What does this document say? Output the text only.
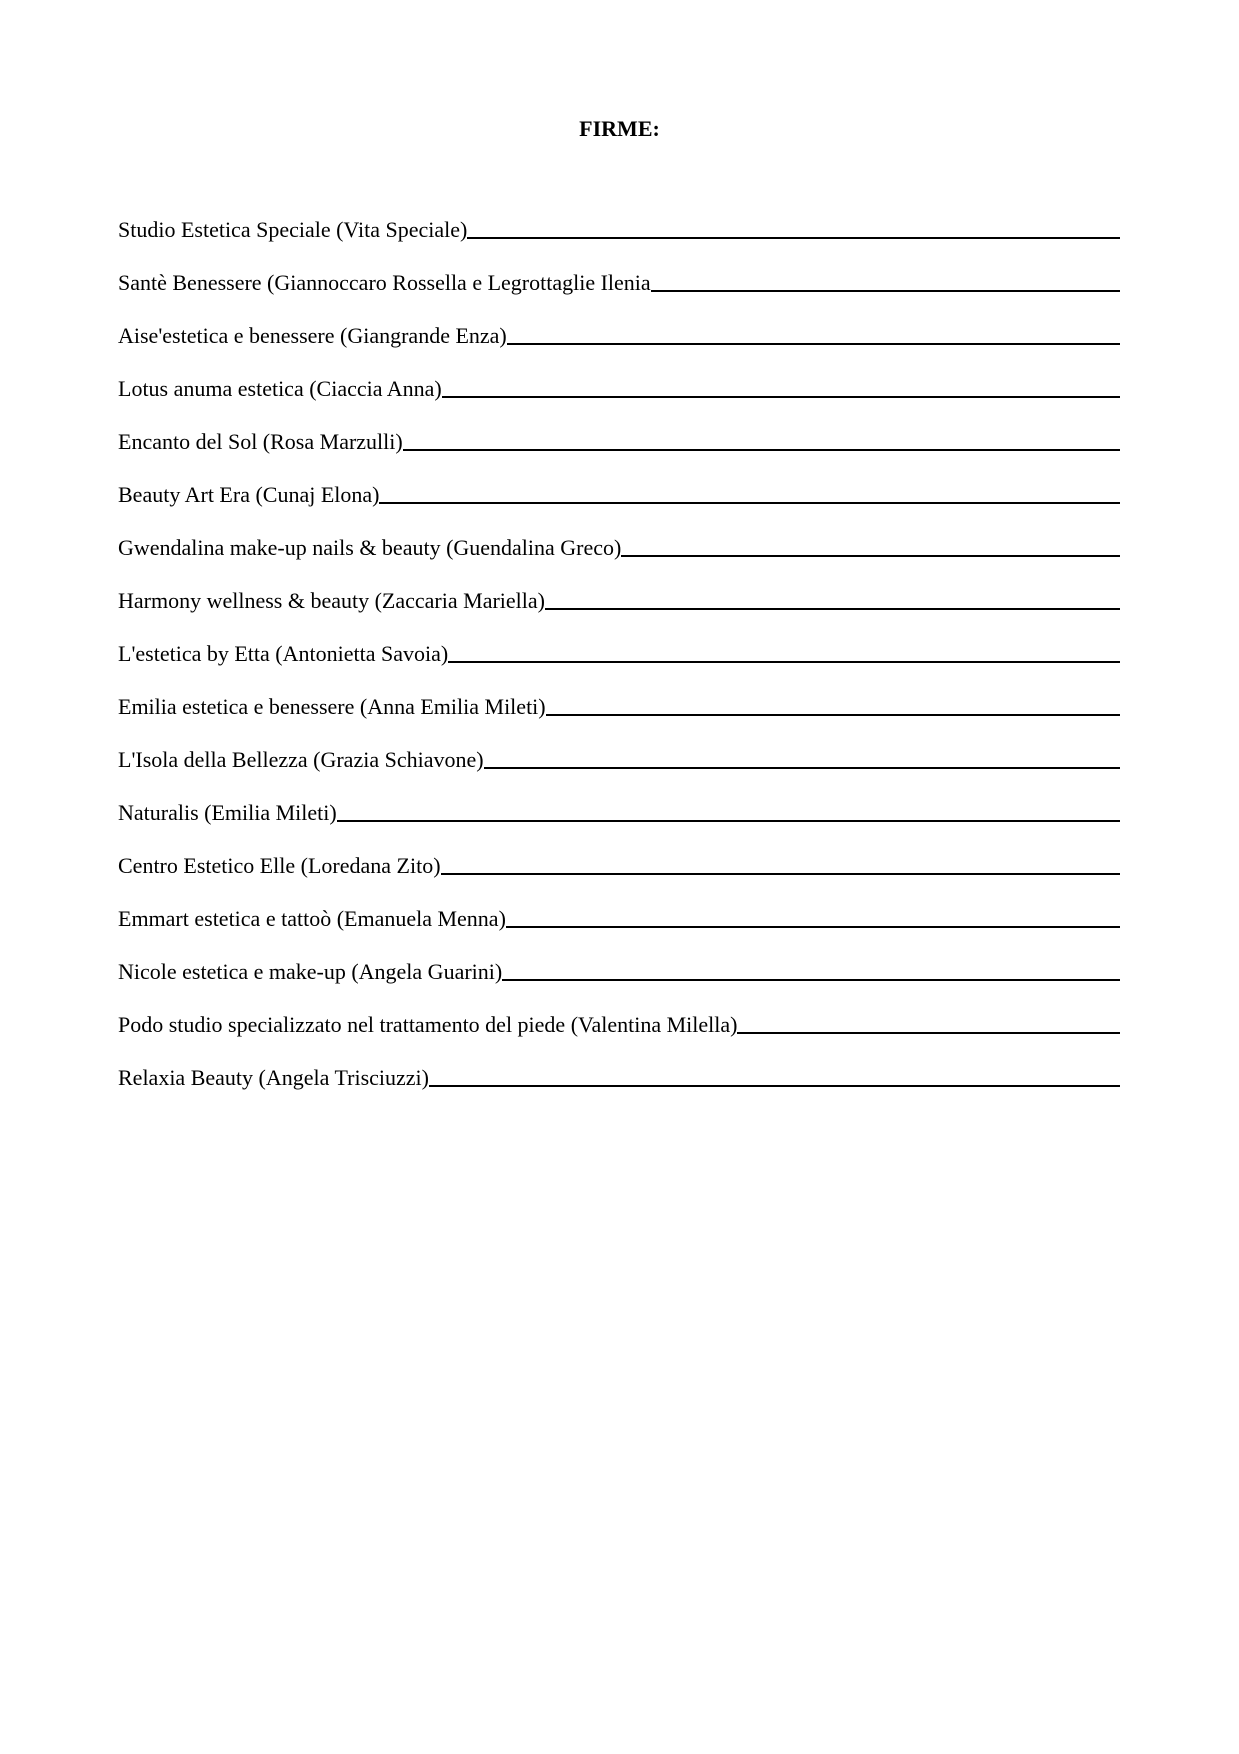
FIRME:
Studio Estetica Speciale (Vita Speciale)
Santè Benessere (Giannoccaro Rossella e Legrottaglie Ilenia
Aise'estetica e benessere (Giangrande Enza)
Lotus anuma estetica (Ciaccia Anna)
Encanto del Sol (Rosa Marzulli)
Beauty Art Era (Cunaj Elona)
Gwendalina make-up nails & beauty (Guendalina Greco)
Harmony wellness & beauty (Zaccaria Mariella)
L'estetica by Etta (Antonietta Savoia)
Emilia estetica e benessere (Anna Emilia Mileti)
L'Isola della Bellezza (Grazia Schiavone)
Naturalis (Emilia Mileti)
Centro Estetico Elle (Loredana Zito)
Emmart estetica e tattoò (Emanuela Menna)
Nicole estetica e make-up (Angela Guarini)
Podo studio specializzato nel trattamento del piede (Valentina Milella)
Relaxia Beauty (Angela Trisciuzzi)
